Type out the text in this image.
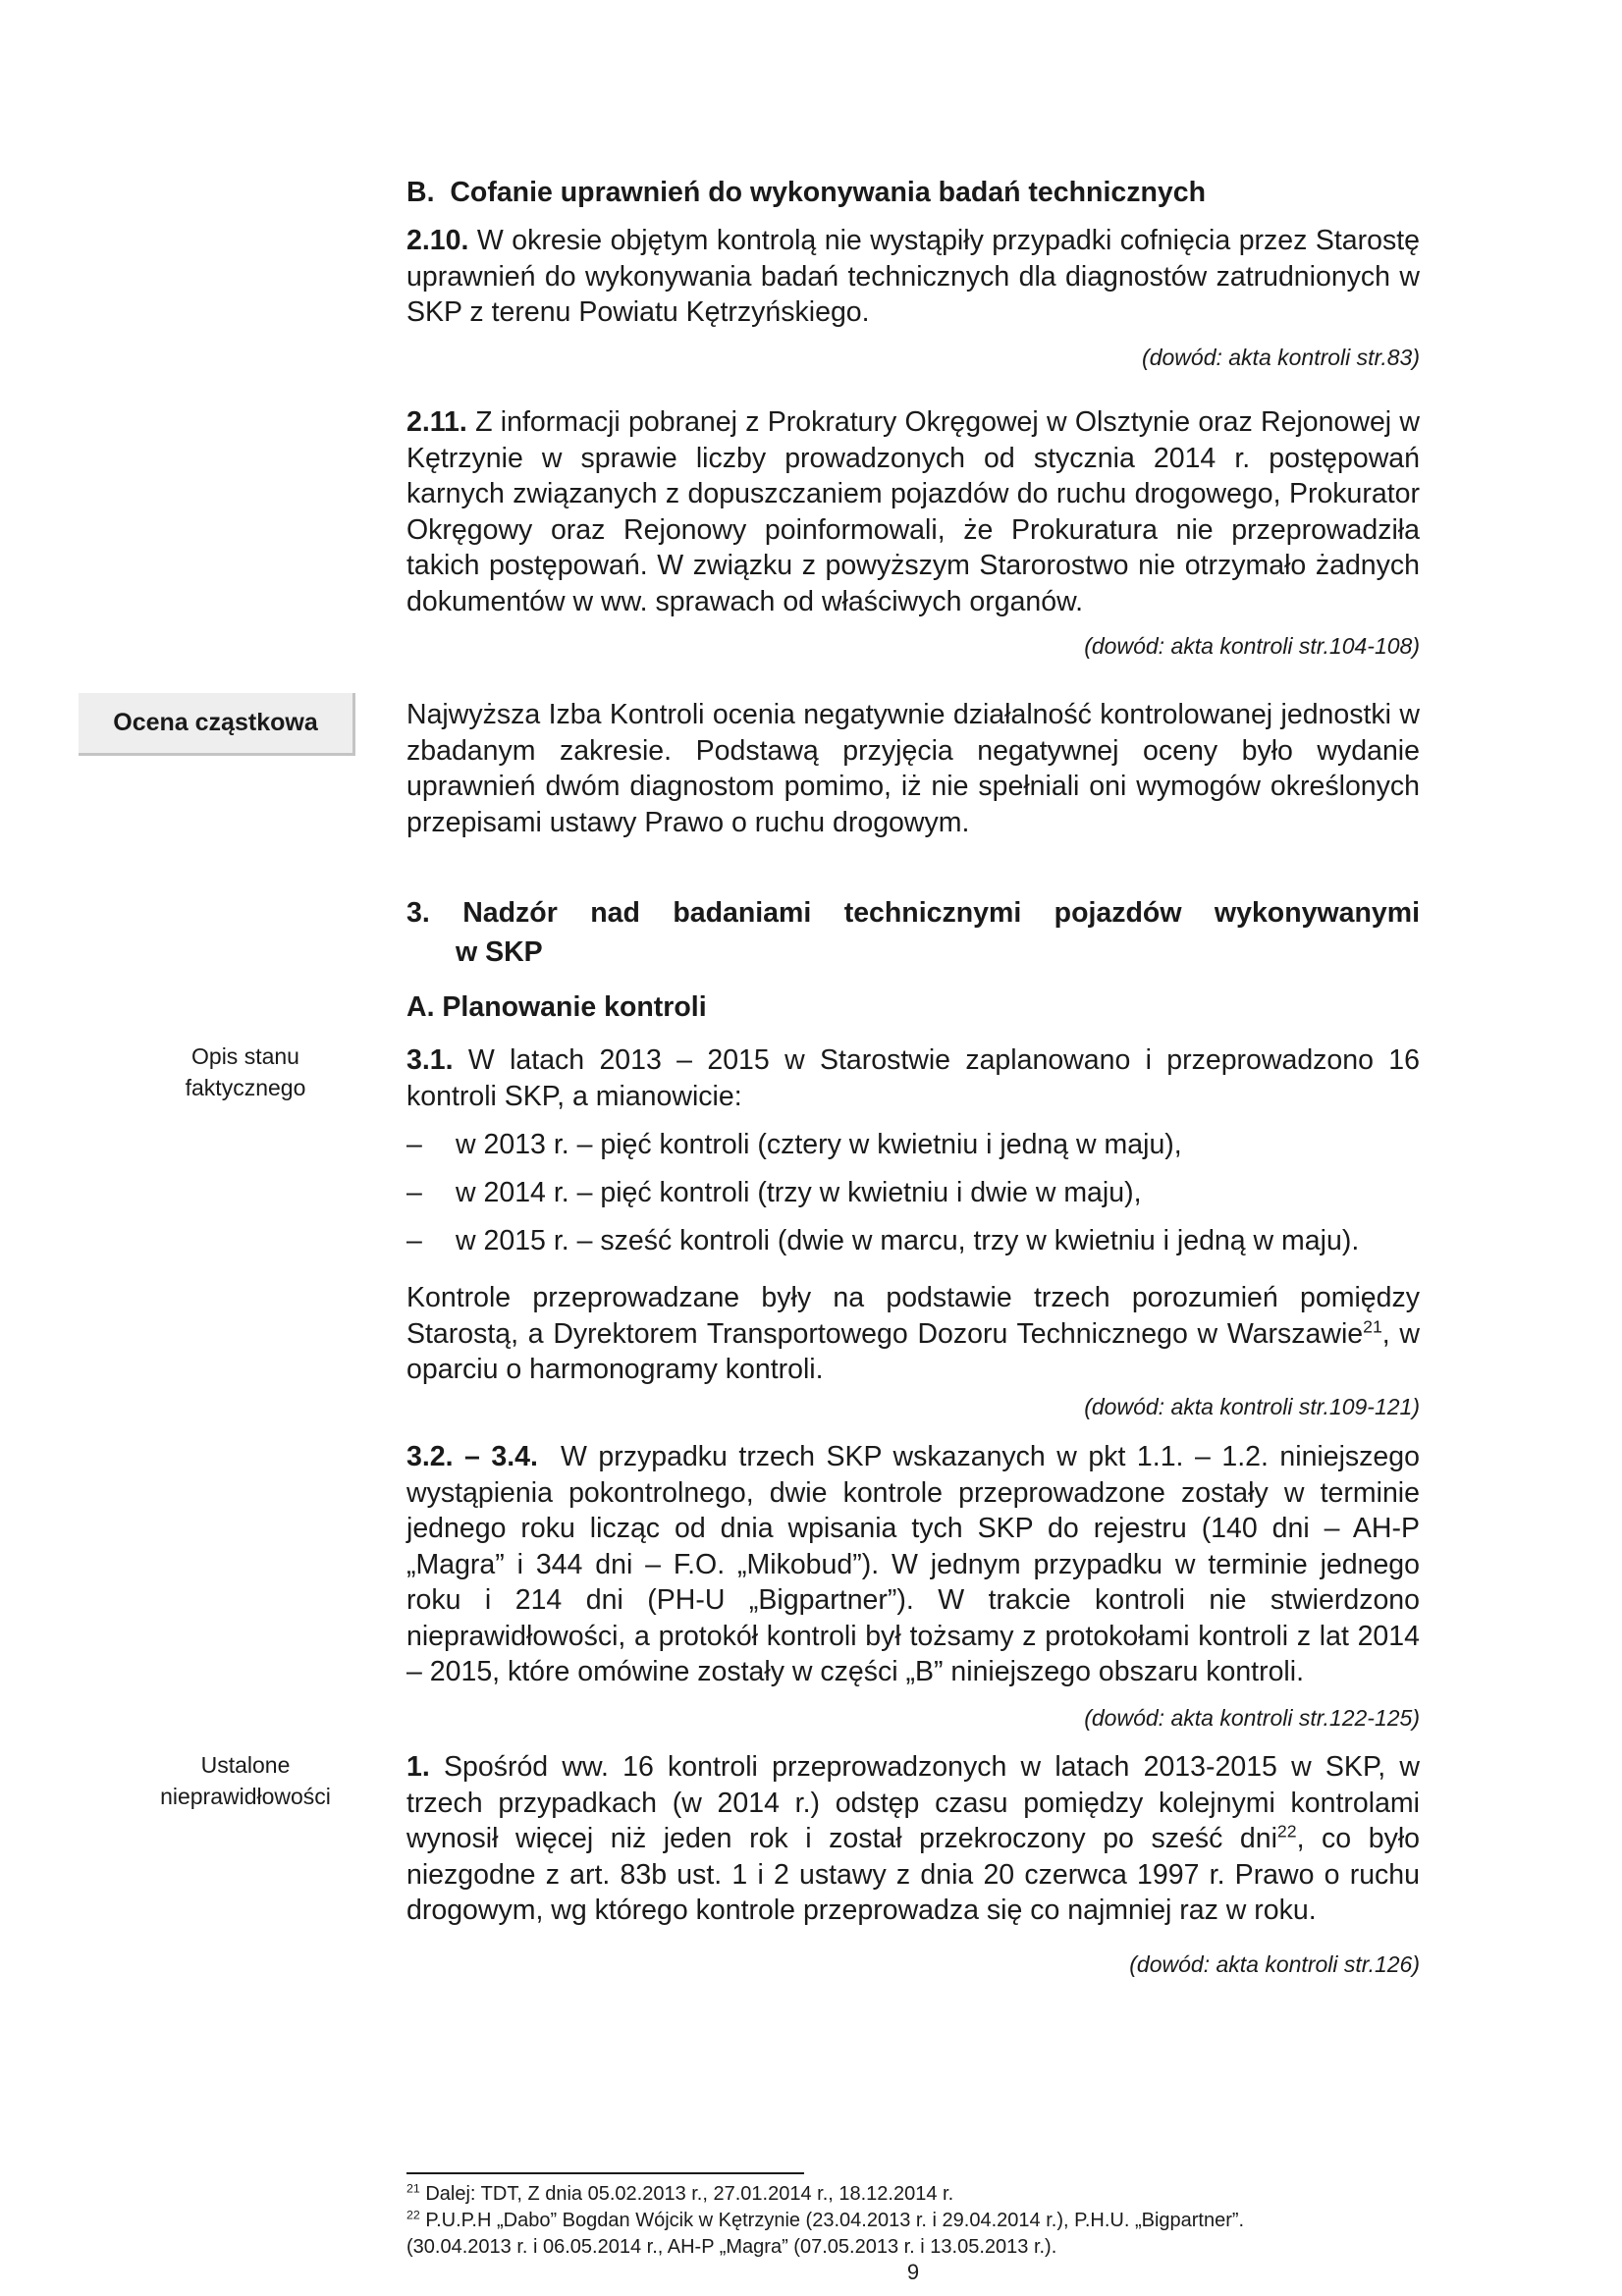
B. Cofanie uprawnień do wykonywania badań technicznych

2.10. W okresie objętym kontrolą nie wystąpiły przypadki cofnięcia przez Starostę uprawnień do wykonywania badań technicznych dla diagnostów zatrudnionych w SKP z terenu Powiatu Kętrzyńskiego.

(dowód: akta kontroli str.83)

2.11. Z informacji pobranej z Prokratury Okręgowej w Olsztynie oraz Rejonowej w Kętrzynie w sprawie liczby prowadzonych od stycznia 2014 r. postępowań karnych związanych z dopuszczaniem pojazdów do ruchu drogowego, Prokurator Okręgowy oraz Rejonowy poinformowali, że Prokuratura nie przeprowadziła takich postępowań. W związku z powyższym Starorostwo nie otrzymało żadnych dokumentów w ww. sprawach od właściwych organów.

(dowód: akta kontroli str.104-108)
Ocena cząstkowa	Najwyższa Izba Kontroli ocenia negatywnie działalność kontrolowanej jednostki w zbadanym zakresie. Podstawą przyjęcia negatywnej oceny było wydanie uprawnień dwóm diagnostom pomimo, iż nie spełniali oni wymogów określonych przepisami ustawy Prawo o ruchu drogowym.

3. Nadzór nad badaniami technicznymi pojazdów wykonywanymi
w SKP
A. Planowanie kontroli
Opis stanu
faktycznego

3.1. W latach 2013 – 2015 w Starostwie zaplanowano i przeprowadzono 16 kontroli SKP, a mianowicie:

– w 2013 r. – pięć kontroli (cztery w kwietniu i jedną w maju),
– w 2014 r. – pięć kontroli (trzy w kwietniu i dwie w maju),
– w 2015 r. – sześć kontroli (dwie w marcu, trzy w kwietniu i jedną w maju).

Kontrole przeprowadzane były na podstawie trzech porozumień pomiędzy Starostą, a Dyrektorem Transportowego Dozoru Technicznego w Warszawie$^{21}$, w oparciu o harmonogramy kontroli.

(dowód: akta kontroli str.109-121)

3.2. – 3.4. W przypadku trzech SKP wskazanych w pkt 1.1. – 1.2. niniejszego wystąpienia pokontrolnego, dwie kontrole przeprowadzone zostały w terminie jednego roku licząc od dnia wpisania tych SKP do rejestru (140 dni – AH-P „Magra” i 344 dni – F.O. „Mikobud”). W jednym przypadku w terminie jednego roku i 214 dni (PH-U „Bigpartner”). W trakcie kontroli nie stwierdzono nieprawidłowości, a protokół kontroli był tożsamy z protokołami kontroli z lat 2014 – 2015, które omówine zostały w części „B” niniejszego obszaru kontroli.

(dowód: akta kontroli str.122-125)
Ustalone
nieprawidłowości

1. Spośród ww. 16 kontroli przeprowadzonych w latach 2013-2015 w SKP, w trzech przypadkach (w 2014 r.) odstęp czasu pomiędzy kolejnymi kontrolami wynosił więcej niż jeden rok i został przekroczony po sześć dni$^{22}$, co było niezgodne z art. 83b ust. 1 i 2 ustawy z dnia 20 czerwca 1997 r. Prawo o ruchu drogowym, wg którego kontrole przeprowadza się co najmniej raz w roku.

(dowód: akta kontroli str.126)
$^{21}$ Dalej: TDT, Z dnia 05.02.2013 r., 27.01.2014 r., 18.12.2014 r.
$^{22}$ P.U.P.H „Dabo” Bogdan Wójcik w Kętrzynie (23.04.2013 r. i 29.04.2014 r.), P.H.U. „Bigpartner”.
(30.04.2013 r. i 06.05.2014 r., AH-P „Magra” (07.05.2013 r. i 13.05.2013 r.).
9
